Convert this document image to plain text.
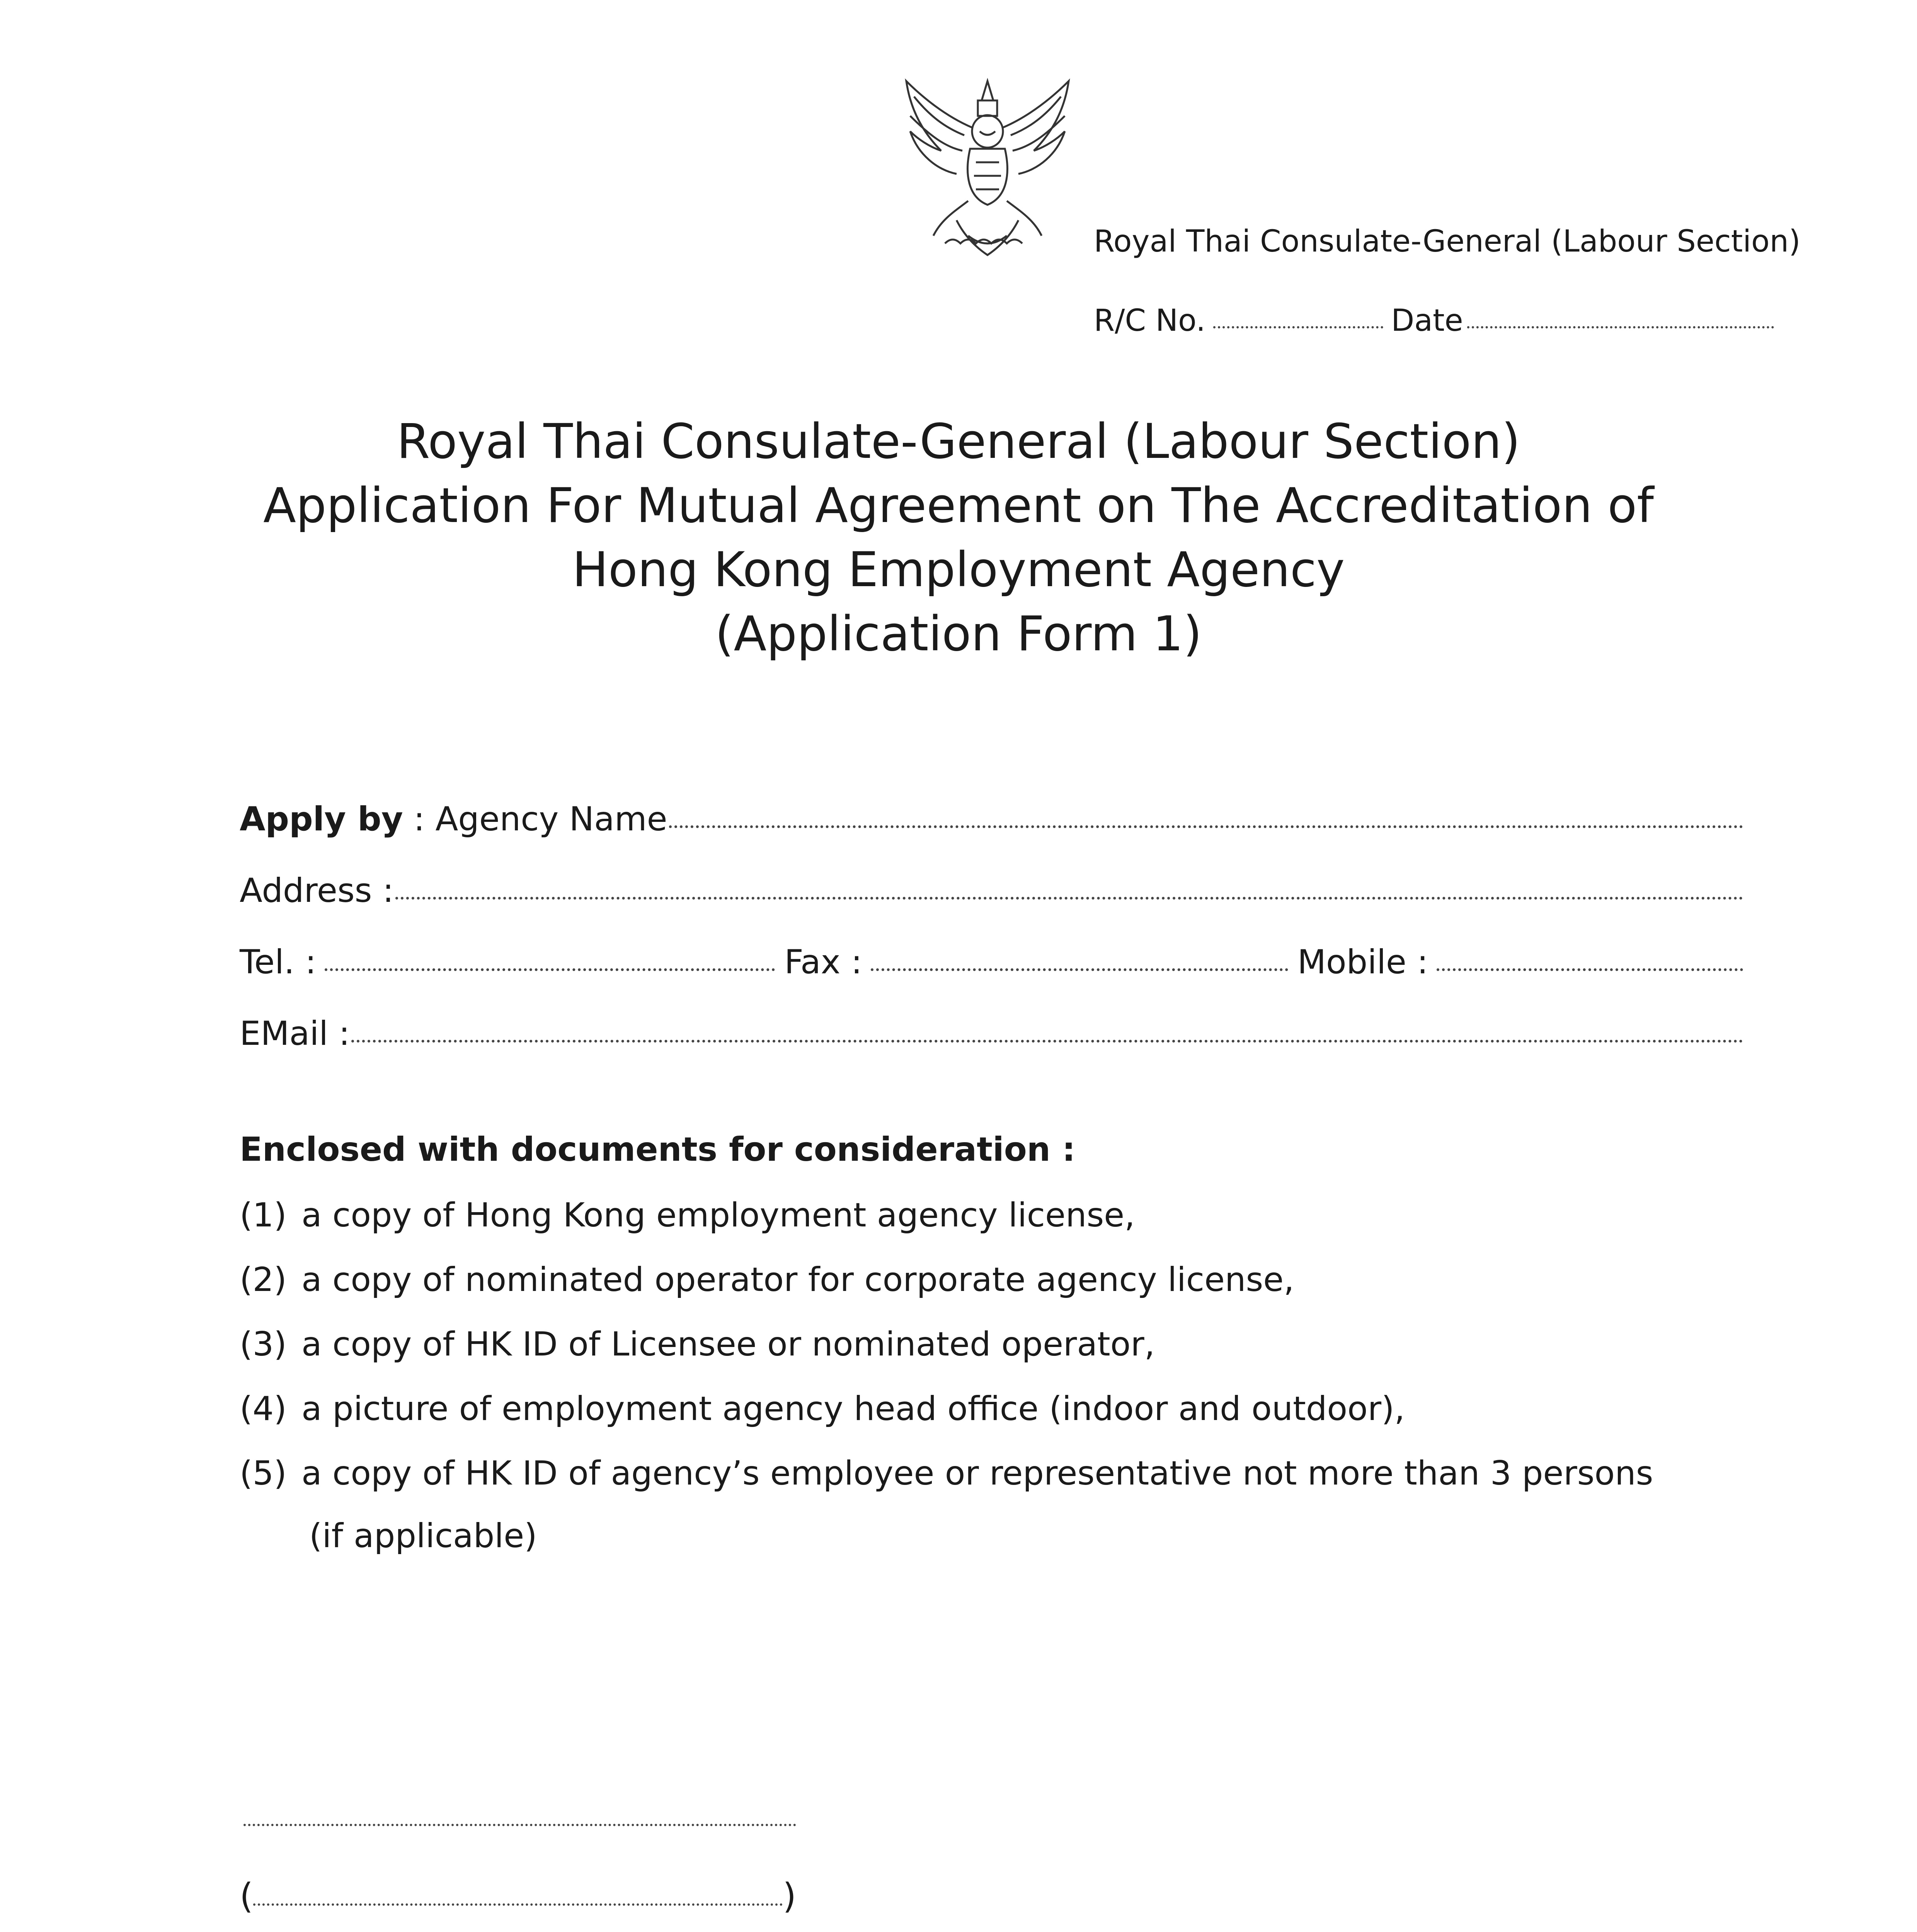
Royal Thai Consulate-General (Labour Section)
R/C No.	Date
Royal Thai Consulate-General (Labour Section)
Application For Mutual Agreement on The Accreditation of
Hong Kong Employment Agency
(Application Form 1)
Apply by : Agency Name
Address :
Tel. :	Fax :	Mobile :
EMail :
Enclosed with documents for consideration :
(1) a copy of Hong Kong employment agency license,
(2) a copy of nominated operator for corporate agency license,
(3) a copy of HK ID of Licensee or nominated operator,
(4) a picture of employment agency head office (indoor and outdoor),
(5) a copy of HK ID of agency’s employee or representative not more than 3 persons
(if applicable)
(	)
